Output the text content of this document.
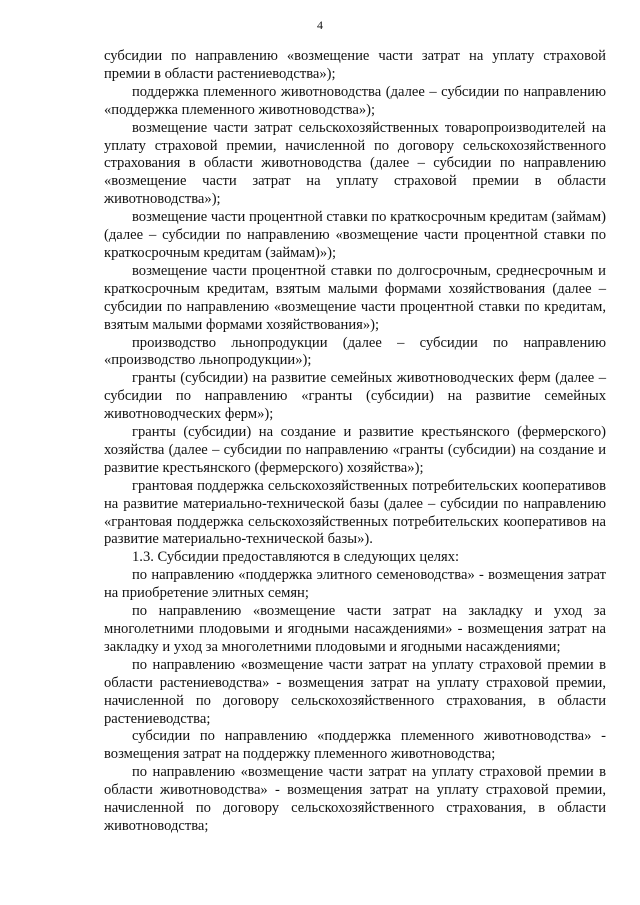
4

субсидии по направлению «возмещение части затрат на уплату страховой премии в области растениеводства»);

поддержка племенного животноводства (далее – субсидии по направлению «поддержка племенного животноводства»);

возмещение части затрат сельскохозяйственных товаропроизводителей на уплату страховой премии, начисленной по договору сельскохозяйственного страхования в области животноводства (далее – субсидии по направлению «возмещение части затрат на уплату страховой премии в области животноводства»);

возмещение части процентной ставки по краткосрочным кредитам (займам) (далее – субсидии по направлению «возмещение части процентной ставки по краткосрочным кредитам (займам)»);

возмещение части процентной ставки по долгосрочным, среднесрочным и краткосрочным кредитам, взятым малыми формами хозяйствования (далее – субсидии по направлению «возмещение части процентной ставки по кредитам, взятым малыми формами хозяйствования»);

производство льнопродукции (далее – субсидии по направлению «производство льнопродукции»);

гранты (субсидии) на развитие семейных животноводческих ферм (далее – субсидии по направлению «гранты (субсидии) на развитие семейных животноводческих ферм»);

гранты (субсидии) на создание и развитие крестьянского (фермерского) хозяйства (далее – субсидии по направлению «гранты (субсидии) на создание и развитие крестьянского (фермерского) хозяйства»);

грантовая поддержка сельскохозяйственных потребительских кооперативов на развитие материально-технической базы (далее – субсидии по направлению «грантовая поддержка сельскохозяйственных потребительских кооперативов на развитие материально-технической базы»).

1.3. Субсидии предоставляются в следующих целях:

по направлению «поддержка элитного семеноводства» - возмещения затрат на приобретение элитных семян;

по направлению «возмещение части затрат на закладку и уход за многолетними плодовыми и ягодными насаждениями» - возмещения затрат на закладку и уход за многолетними плодовыми и ягодными насаждениями;

по направлению «возмещение части затрат на уплату страховой премии в области растениеводства» - возмещения затрат на уплату страховой премии, начисленной по договору сельскохозяйственного страхования, в области растениеводства;

субсидии по направлению «поддержка племенного животноводства» - возмещения затрат на поддержку племенного животноводства;

по направлению «возмещение части затрат на уплату страховой премии в области животноводства» - возмещения затрат на уплату страховой премии, начисленной по договору сельскохозяйственного страхования, в области животноводства;
